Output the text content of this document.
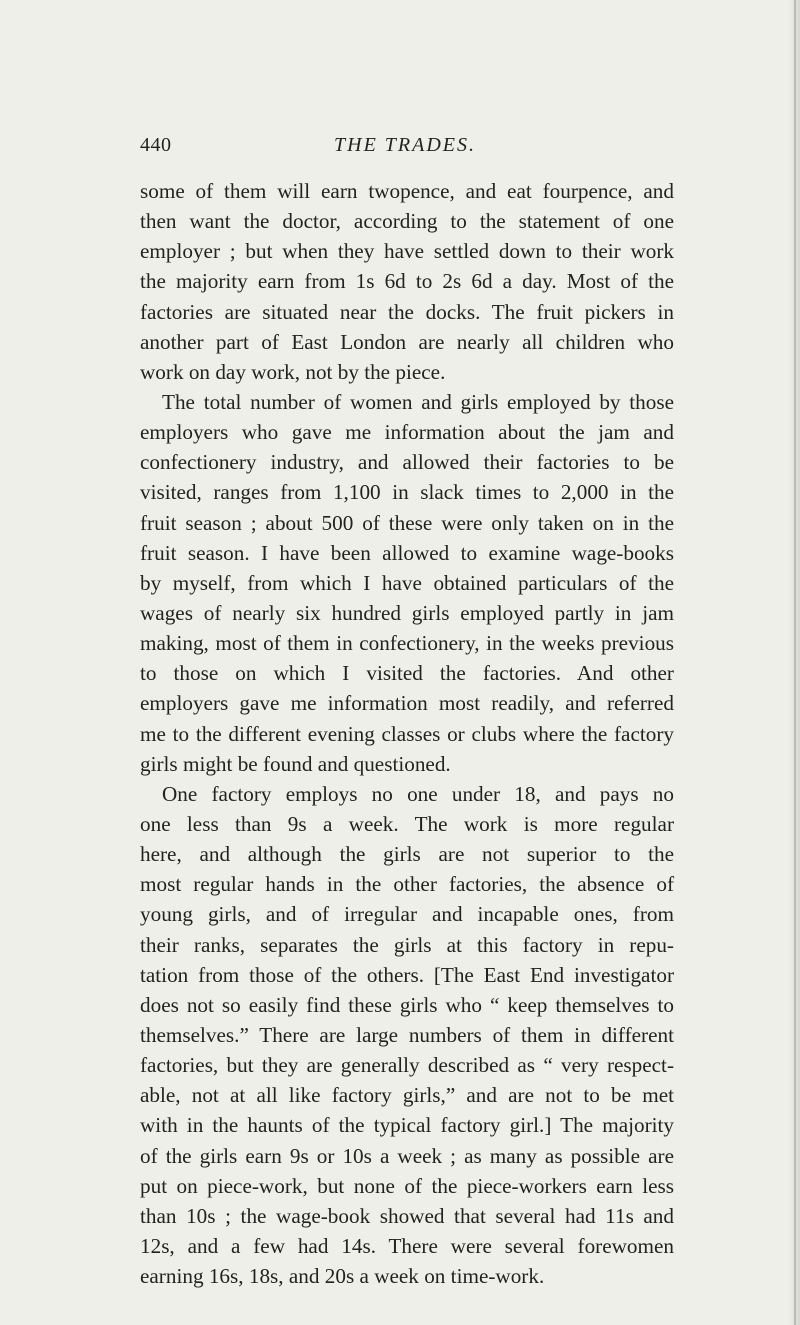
440	THE TRADES.
some of them will earn twopence, and eat fourpence, and
then want the doctor, according to the statement of one
employer ; but when they have settled down to their work
the majority earn from 1s 6d to 2s 6d a day. Most of the
factories are situated near the docks. The fruit pickers in
another part of East London are nearly all children who
work on day work, not by the piece.
The total number of women and girls employed by those
employers who gave me information about the jam and
confectionery industry, and allowed their factories to be
visited, ranges from 1,100 in slack times to 2,000 in the
fruit season ; about 500 of these were only taken on in the
fruit season. I have been allowed to examine wage-books
by myself, from which I have obtained particulars of the
wages of nearly six hundred girls employed partly in jam
making, most of them in confectionery, in the weeks previous
to those on which I visited the factories. And other
employers gave me information most readily, and referred
me to the different evening classes or clubs where the factory
girls might be found and questioned.
One factory employs no one under 18, and pays no
one less than 9s a week. The work is more regular
here, and although the girls are not superior to the
most regular hands in the other factories, the absence of
young girls, and of irregular and incapable ones, from
their ranks, separates the girls at this factory in repu-
tation from those of the others. [The East End investigator
does not so easily find these girls who “ keep themselves to
themselves.” There are large numbers of them in different
factories, but they are generally described as “ very respect-
able, not at all like factory girls,” and are not to be met
with in the haunts of the typical factory girl.] The majority
of the girls earn 9s or 10s a week ; as many as possible are
put on piece-work, but none of the piece-workers earn less
than 10s ; the wage-book showed that several had 11s and
12s, and a few had 14s. There were several forewomen
earning 16s, 18s, and 20s a week on time-work.
